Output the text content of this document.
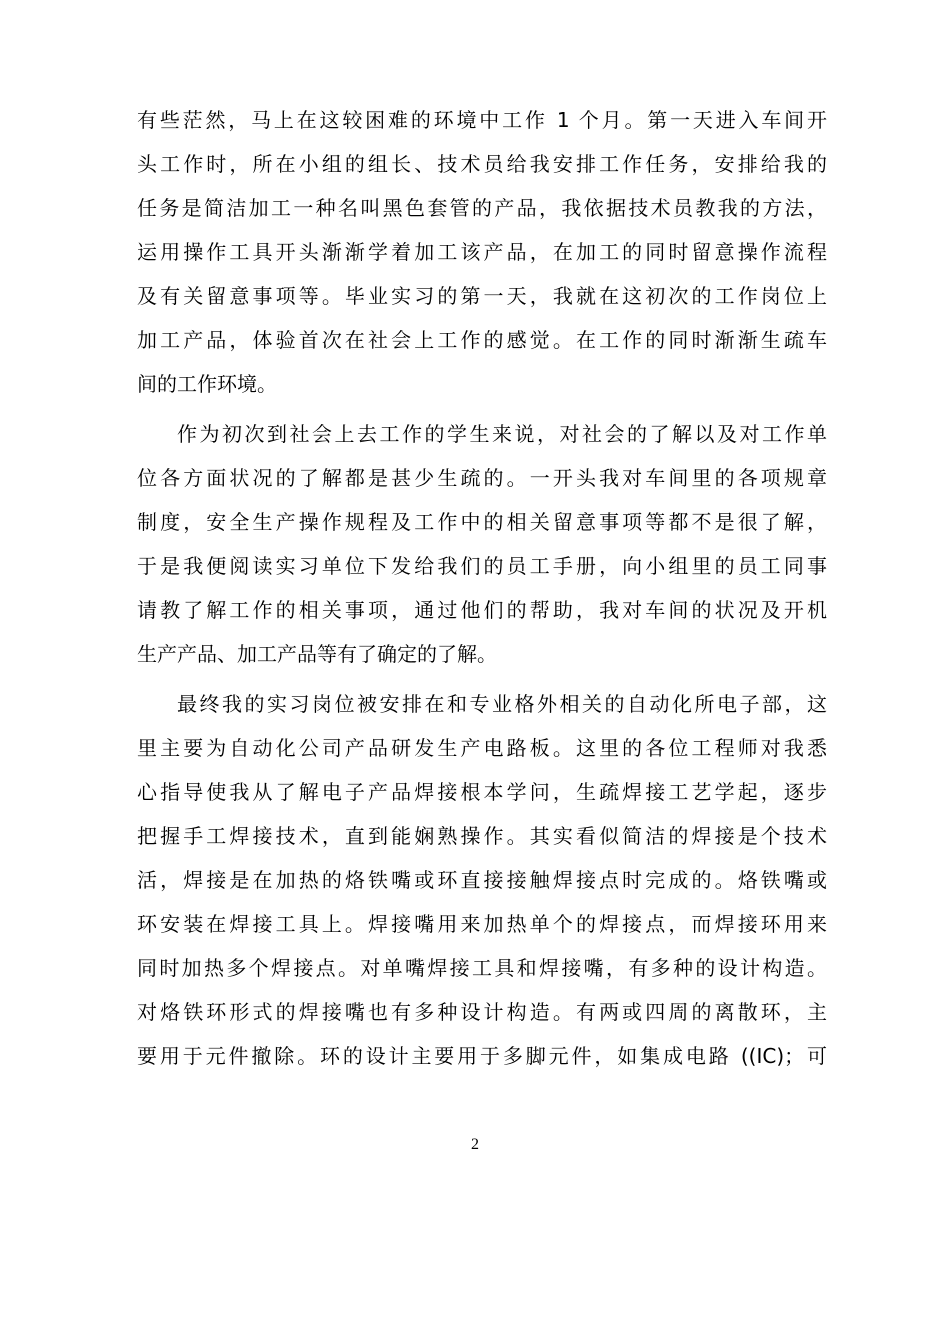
有些茫然，马上在这较困难的环境中工作 1 个月。第一天进入车间开
头工作时，所在小组的组长、技术员给我安排工作任务，安排给我的
任务是简洁加工一种名叫黑色套管的产品，我依据技术员教我的方法，
运用操作工具开头渐渐学着加工该产品，在加工的同时留意操作流程
及有关留意事项等。毕业实习的第一天，我就在这初次的工作岗位上
加工产品，体验首次在社会上工作的感觉。在工作的同时渐渐生疏车
间的工作环境。
作为初次到社会上去工作的学生来说，对社会的了解以及对工作单
位各方面状况的了解都是甚少生疏的。一开头我对车间里的各项规章
制度，安全生产操作规程及工作中的相关留意事项等都不是很了解，
于是我便阅读实习单位下发给我们的员工手册，向小组里的员工同事
请教了解工作的相关事项，通过他们的帮助，我对车间的状况及开机
生产产品、加工产品等有了确定的了解。
最终我的实习岗位被安排在和专业格外相关的自动化所电子部，这
里主要为自动化公司产品研发生产电路板。这里的各位工程师对我悉
心指导使我从了解电子产品焊接根本学问，生疏焊接工艺学起，逐步
把握手工焊接技术，直到能娴熟操作。其实看似简洁的焊接是个技术
活，焊接是在加热的烙铁嘴或环直接接触焊接点时完成的。烙铁嘴或
环安装在焊接工具上。焊接嘴用来加热单个的焊接点，而焊接环用来
同时加热多个焊接点。对单嘴焊接工具和焊接嘴，有多种的设计构造。
对烙铁环形式的焊接嘴也有多种设计构造。有两或四周的离散环，主
要用于元件撤除。环的设计主要用于多脚元件，如集成电路 ((IC)；可
2
